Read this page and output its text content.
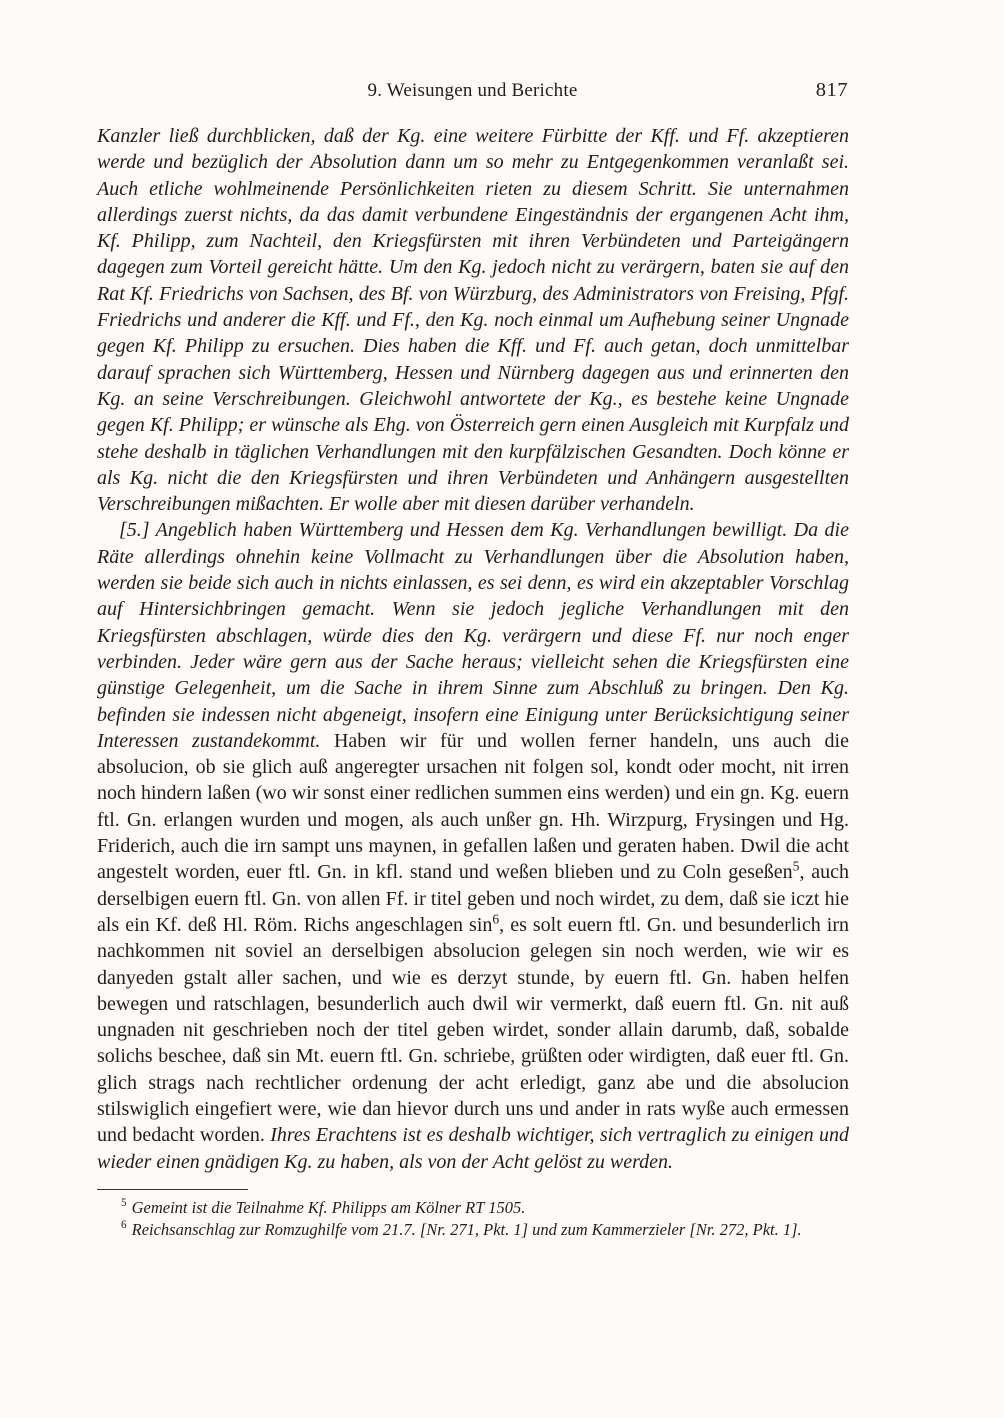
9. Weisungen und Berichte	817

Kanzler ließ durchblicken, daß der Kg. eine weitere Fürbitte der Kff. und Ff. akzeptieren werde und bezüglich der Absolution dann um so mehr zu Entgegenkommen veranlaßt sei. Auch etliche wohlmeinende Persönlichkeiten rieten zu diesem Schritt. Sie unternahmen allerdings zuerst nichts, da das damit verbundene Eingeständnis der ergangenen Acht ihm, Kf. Philipp, zum Nachteil, den Kriegsfürsten mit ihren Verbündeten und Parteigängern dagegen zum Vorteil gereicht hätte. Um den Kg. jedoch nicht zu verärgern, baten sie auf den Rat Kf. Friedrichs von Sachsen, des Bf. von Würzburg, des Administrators von Freising, Pfgf. Friedrichs und anderer die Kff. und Ff., den Kg. noch einmal um Aufhebung seiner Ungnade gegen Kf. Philipp zu ersuchen. Dies haben die Kff. und Ff. auch getan, doch unmittelbar darauf sprachen sich Württemberg, Hessen und Nürnberg dagegen aus und erinnerten den Kg. an seine Verschreibungen. Gleichwohl antwortete der Kg., es bestehe keine Ungnade gegen Kf. Philipp; er wünsche als Ehg. von Österreich gern einen Ausgleich mit Kurpfalz und stehe deshalb in täglichen Verhandlungen mit den kurpfälzischen Gesandten. Doch könne er als Kg. nicht die den Kriegsfürsten und ihren Verbündeten und Anhängern ausgestellten Verschreibungen mißachten. Er wolle aber mit diesen darüber verhandeln.

[5.] Angeblich haben Württemberg und Hessen dem Kg. Verhandlungen bewilligt. Da die Räte allerdings ohnehin keine Vollmacht zu Verhandlungen über die Absolution haben, werden sie beide sich auch in nichts einlassen, es sei denn, es wird ein akzeptabler Vorschlag auf Hintersichbringen gemacht. Wenn sie jedoch jegliche Verhandlungen mit den Kriegsfürsten abschlagen, würde dies den Kg. verärgern und diese Ff. nur noch enger verbinden. Jeder wäre gern aus der Sache heraus; vielleicht sehen die Kriegsfürsten eine günstige Gelegenheit, um die Sache in ihrem Sinne zum Abschluß zu bringen. Den Kg. befinden sie indessen nicht abgeneigt, insofern eine Einigung unter Berücksichtigung seiner Interessen zustandekommt. Haben wir für und wollen ferner handeln, uns auch die absolucion, ob sie glich auß angeregter ursachen nit folgen sol, kondt oder mocht, nit irren noch hindern laßen (wo wir sonst einer redlichen summen eins werden) und ein gn. Kg. euern ftl. Gn. erlangen wurden und mogen, als auch unßer gn. Hh. Wirzpurg, Frysingen und Hg. Friderich, auch die irn sampt uns maynen, in gefallen laßen und geraten haben. Dwil die acht angestelt worden, euer ftl. Gn. in kfl. stand und weßen blieben und zu Coln geseßen$^5$, auch derselbigen euern ftl. Gn. von allen Ff. ir titel geben und noch wirdet, zu dem, daß sie iczt hie als ein Kf. deß Hl. Röm. Richs angeschlagen $\sin^6$, es solt euern ftl. Gn. und besunderlich irn nachkommen nit soviel an derselbigen absolucion gelegen sin noch werden, wie wir es danyeden gstalt aller sachen, und wie es derzyt stunde, by euern ftl. Gn. haben helfen bewegen und ratschlagen, besunderlich auch dwil wir vermerkt, daß euern ftl. Gn. nit auß ungnaden nit geschrieben noch der titel geben wirdet, sonder allain darumb, daß, sobalde solichs beschee, daß sin Mt. euern ftl. Gn. schriebe, grüßten oder wirdigten, daß euer ftl. Gn. glich strags nach rechtlicher ordenung der acht erledigt, ganz abe und die absolucion stilswiglich eingefiert were, wie dan hievor durch uns und ander in rats wyße auch ermessen und bedacht worden. Ihres Erachtens ist es deshalb wichtiger, sich vertraglich zu einigen und wieder einen gnädigen Kg. zu haben, als von der Acht gelöst zu werden.

$^5$ Gemeint ist die Teilnahme Kf. Philipps am Kölner RT 1505.

$^6$ Reichsanschlag zur Romzughilfe vom 21.7. [Nr. 271, Pkt. 1] und zum Kammerzieler [Nr. 272, Pkt. 1].
